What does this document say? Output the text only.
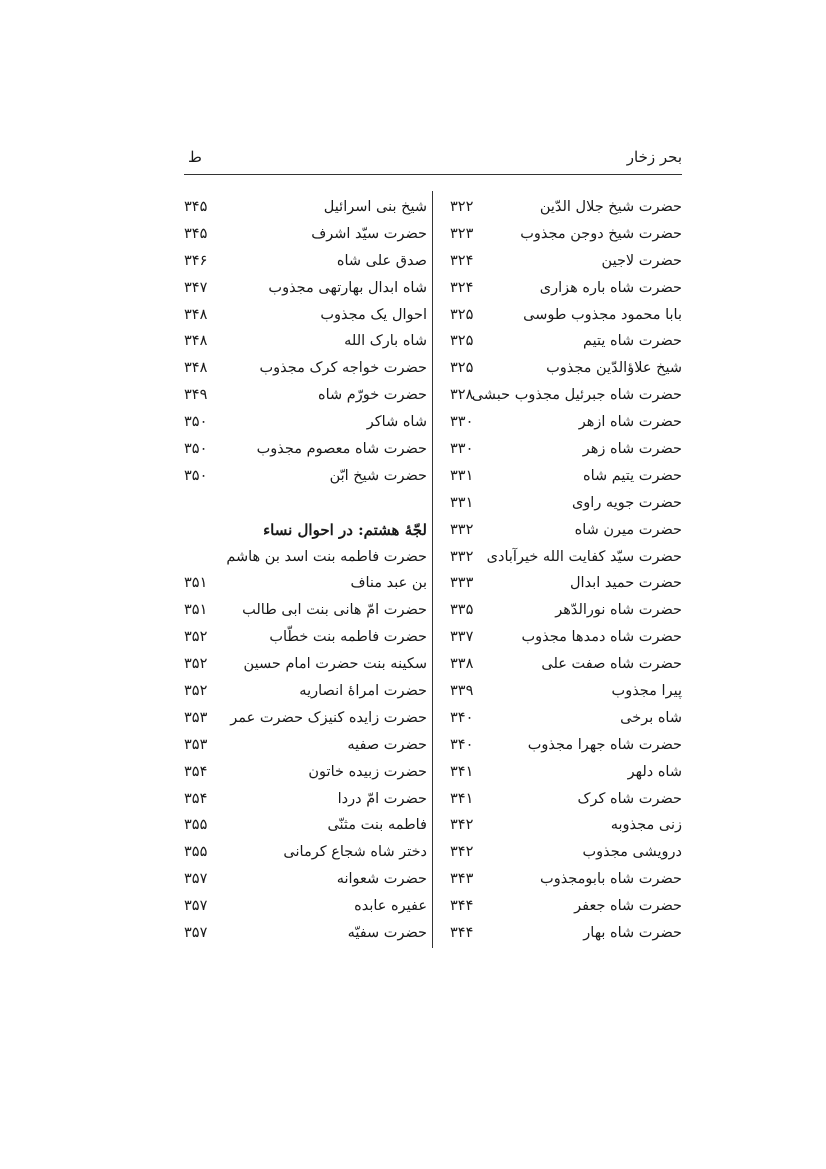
بحر زخار
ط
حضرت شیخ جلال الدّین
۳۲۲
حضرت شیخ دوجن مجذوب
۳۲۳
حضرت لاجین
۳۲۴
حضرت شاه باره هزاری
۳۲۴
بابا محمود مجذوب طوسی
۳۲۵
حضرت شاه یتیم
۳۲۵
شیخ علاؤالدّین مجذوب
۳۲۵
حضرت شاه جبرئیل مجذوب حبشی
۳۲۸
حضرت شاه ازهر
۳۳۰
حضرت شاه زهر
۳۳۰
حضرت یتیم شاه
۳۳۱
حضرت جویه راوی
۳۳۱
حضرت میرن شاه
۳۳۲
حضرت سیّد کفایت الله خیرآبادی
۳۳۲
حضرت حمید ابدال
۳۳۳
حضرت شاه نورالدّهر
۳۳۵
حضرت شاه دمدها مجذوب
۳۳۷
حضرت شاه صفت علی
۳۳۸
پیرا مجذوب
۳۳۹
شاه برخی
۳۴۰
حضرت شاه جهرا مجذوب
۳۴۰
شاه دلهر
۳۴۱
حضرت شاه کرک
۳۴۱
زنی مجذوبه
۳۴۲
درویشی مجذوب
۳۴۲
حضرت شاه بابومجذوب
۳۴۳
حضرت شاه جعفر
۳۴۴
حضرت شاه بهار
۳۴۴
شیخ بنی اسرائیل
۳۴۵
حضرت سیّد اشرف
۳۴۵
صدق علی شاه
۳۴۶
شاه ابدال بهارتهی مجذوب
۳۴۷
احوال یک مجذوب
۳۴۸
شاه بارک الله
۳۴۸
حضرت خواجه کرک مجذوب
۳۴۸
حضرت خورّم شاه
۳۴۹
شاه شاکر
۳۵۰
حضرت شاه معصوم مجذوب
۳۵۰
حضرت شیخ ابّن
۳۵۰
لجّهٔ هشتم: در احوال نساء
حضرت فاطمه بنت اسد بن هاشم
بن عبد مناف
۳۵۱
حضرت امّ هانی بنت ابی طالب
۳۵۱
حضرت فاطمه بنت خطّاب
۳۵۲
سکینه بنت حضرت امام حسین
۳۵۲
حضرت امراهٔ انصاریه
۳۵۲
حضرت زایده کنیزک حضرت عمر
۳۵۳
حضرت صفیه
۳۵۳
حضرت زبیده خاتون
۳۵۴
حضرت امّ دردا
۳۵۴
فاطمه بنت مثنّی
۳۵۵
دختر شاه شجاع کرمانی
۳۵۵
حضرت شعوانه
۳۵۷
عفیره عابده
۳۵۷
حضرت سفیّه
۳۵۷
